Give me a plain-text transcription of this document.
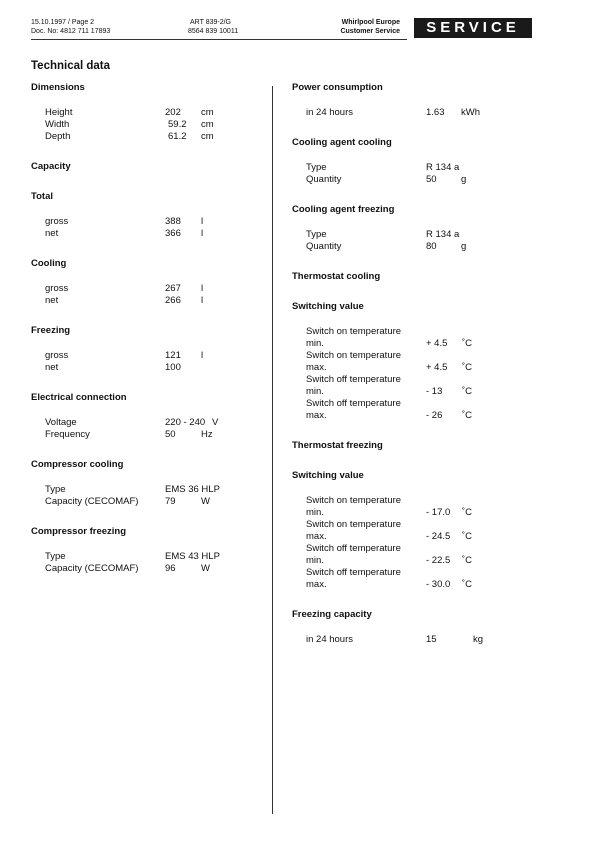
15.10.1997 / Page 2
Doc. No: 4812 711 17893
ART 839-2/G
8564 839 10011
Whirlpool Europe
Customer Service	SERVICE
Technical data
Dimensions
Height	202 cm
Width	59.2 cm
Depth	61.2 cm
Capacity
Total
gross	388 l
net	366 l
Cooling
gross	267 l
net	266 l
Freezing
gross	121 l
net	100
Electrical connection
Voltage	220 - 240 V
Frequency	50	Hz
Compressor cooling
Type	EMS 36 HLP
Capacity (CECOMAF)	79	W
Compressor freezing
Type	EMS 43 HLP
Capacity (CECOMAF)	96	W
Power consumption
in 24 hours	1.63 kWh
Cooling agent cooling
Type	R 134 a
Quantity	50	g
Cooling agent freezing
Type	R 134 a
Quantity	80	g
Thermostat cooling
Switching value
Switch on temperature
min.	+ 4.5 ˚C
Switch on temperature
max.	+ 4.5 ˚C
Switch off temperature
min.	- 13 ˚C
Switch off temperature
max.	- 26 ˚C
Thermostat freezing
Switching value
Switch on temperature
min.	- 17.0 ˚C
Switch on temperature
max.	- 24.5 ˚C
Switch off temperature
min.	- 22.5 ˚C
Switch off temperature
max.	- 30.0 ˚C
Freezing capacity
in 24 hours	15	kg
